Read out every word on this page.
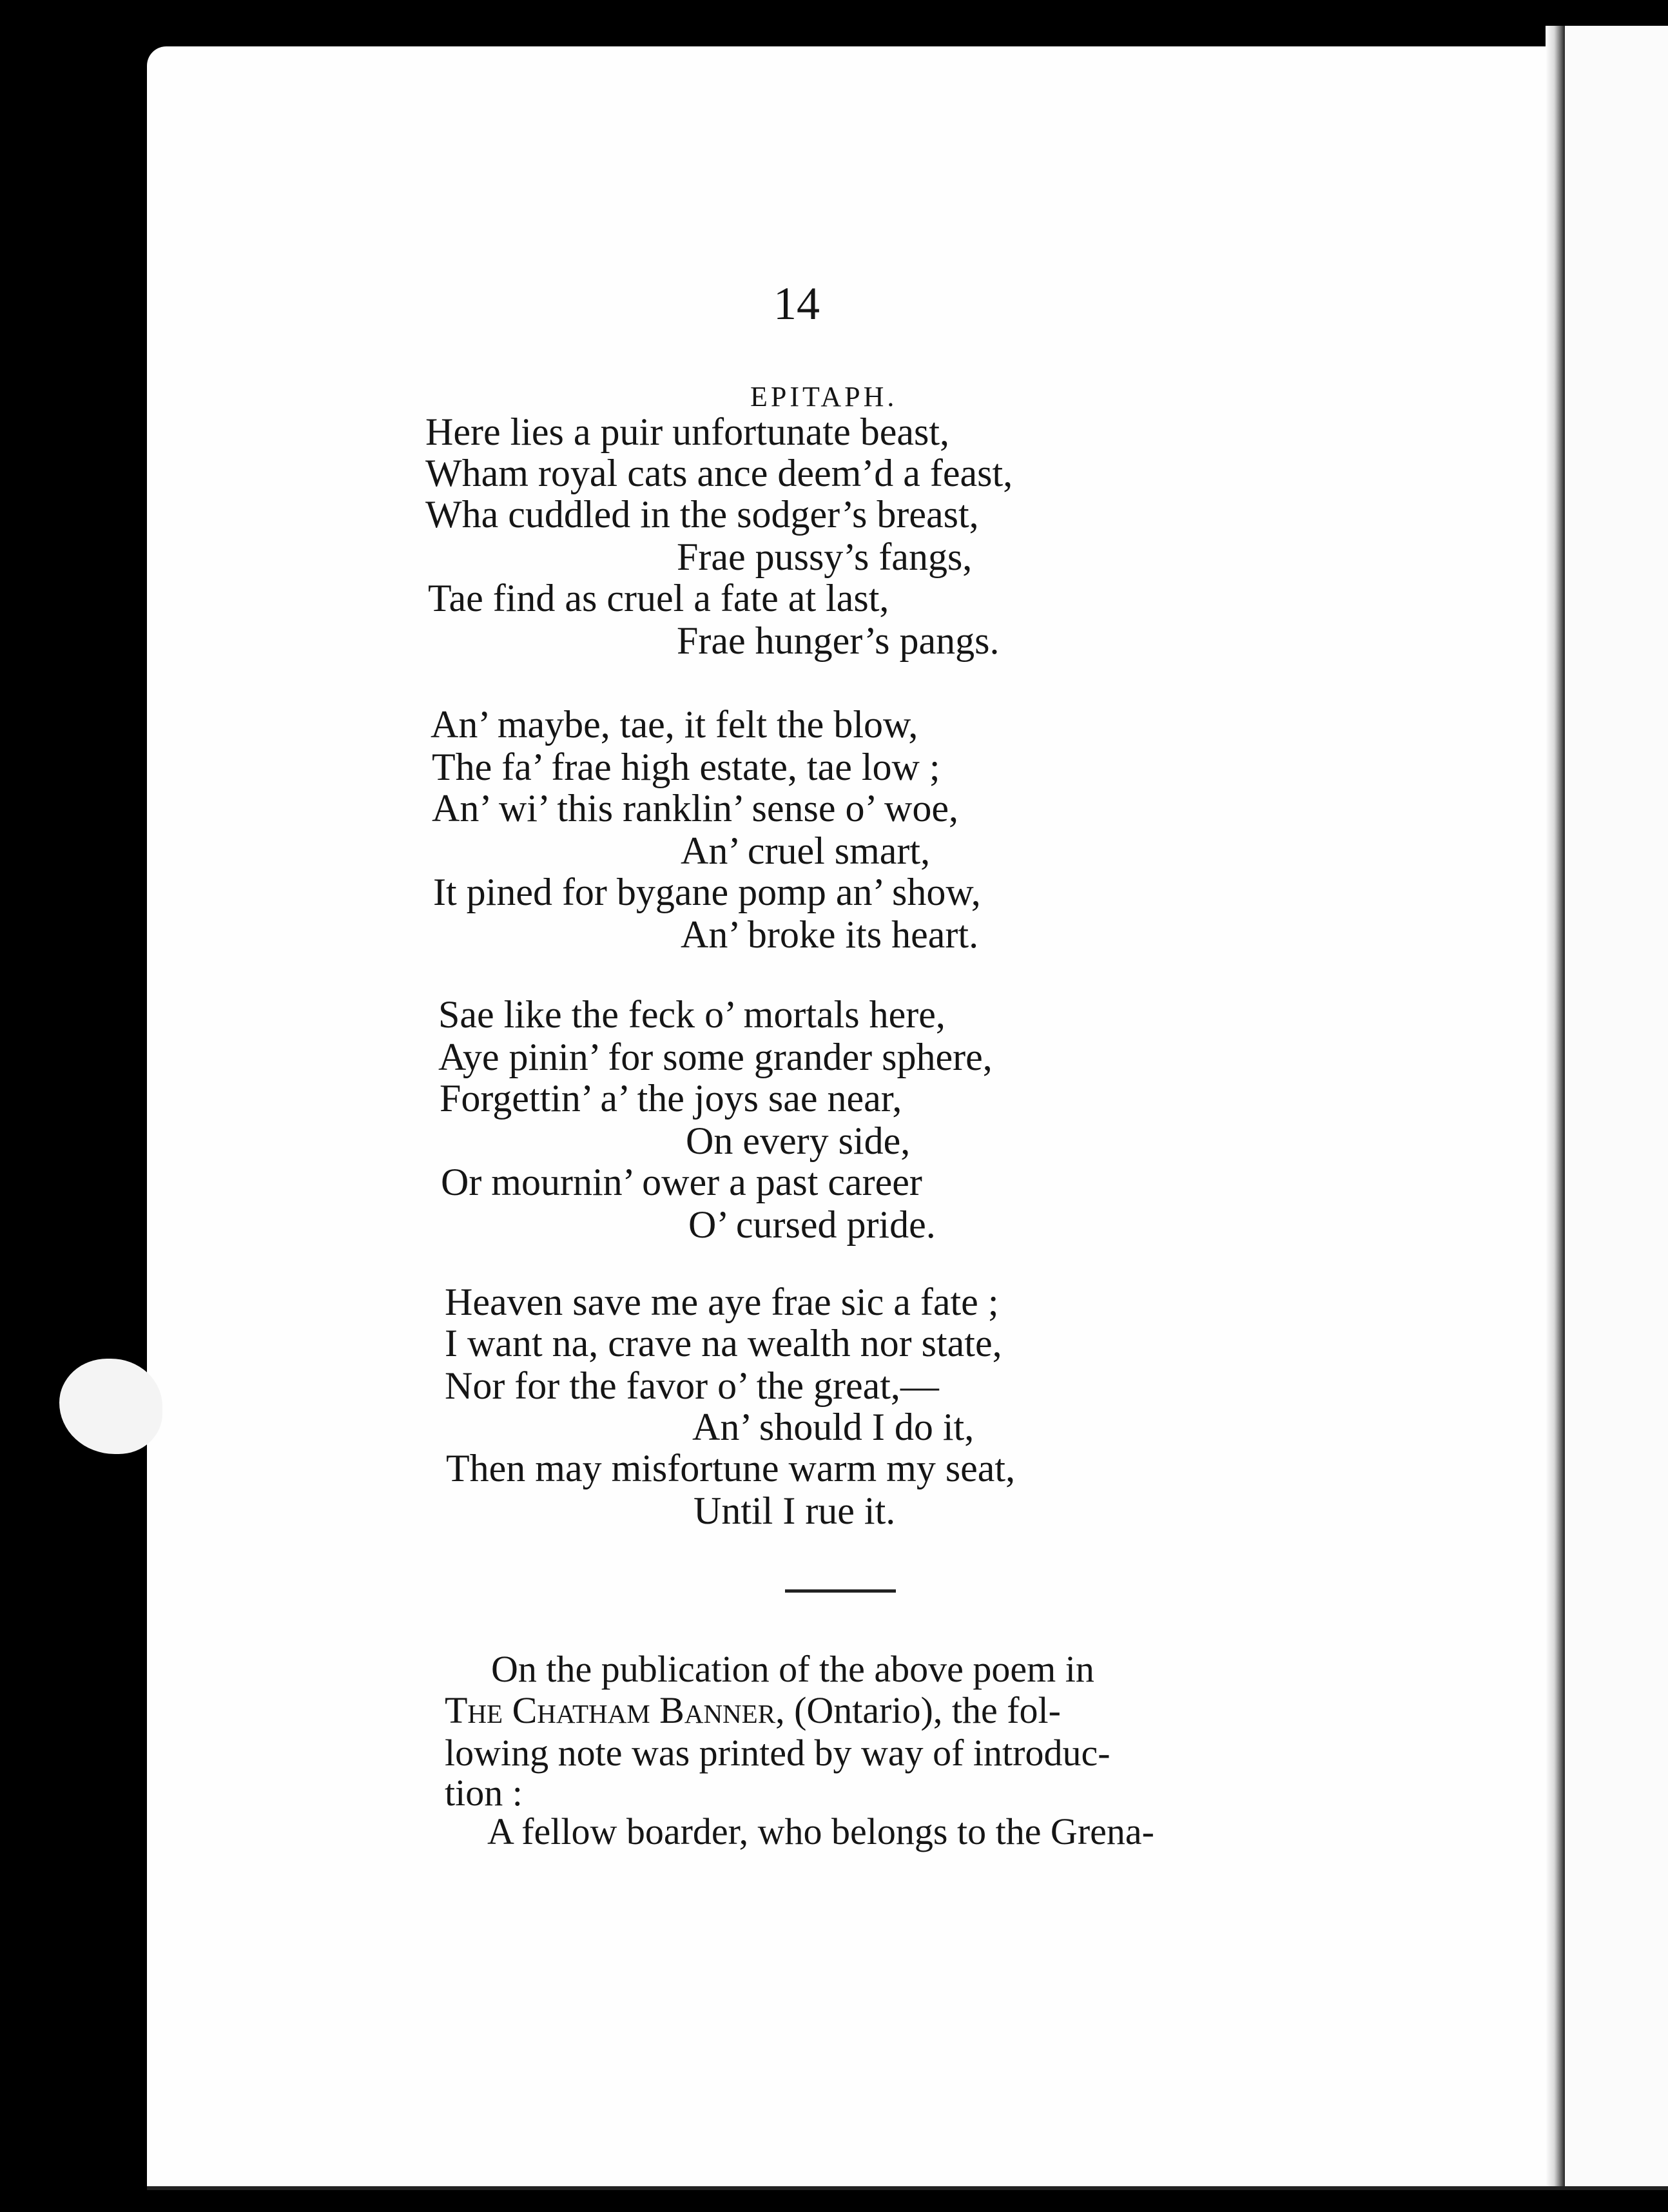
14
EPITAPH.
Here lies a puir unfortunate beast,
Wham royal cats ance deem’d a feast,
Wha cuddled in the sodger’s breast,
Frae pussy’s fangs,
Tae find as cruel a fate at last,
Frae hunger’s pangs.
An’ maybe, tae, it felt the blow,
The fa’ frae high estate, tae low ;
An’ wi’ this ranklin’ sense o’ woe,
An’ cruel smart,
It pined for bygane pomp an’ show,
An’ broke its heart.
Sae like the feck o’ mortals here,
Aye pinin’ for some grander sphere,
Forgettin’ a’ the joys sae near,
On every side,
Or mournin’ ower a past career
O’ cursed pride.
Heaven save me aye frae sic a fate ;
I want na, crave na wealth nor state,
Nor for the favor o’ the great,—
An’ should I do it,
Then may misfortune warm my seat,
Until I rue it.
On the publication of the above poem in
The Chatham Banner, (Ontario), the fol-
lowing note was printed by way of introduc-
tion :
A fellow boarder, who belongs to the Grena-
